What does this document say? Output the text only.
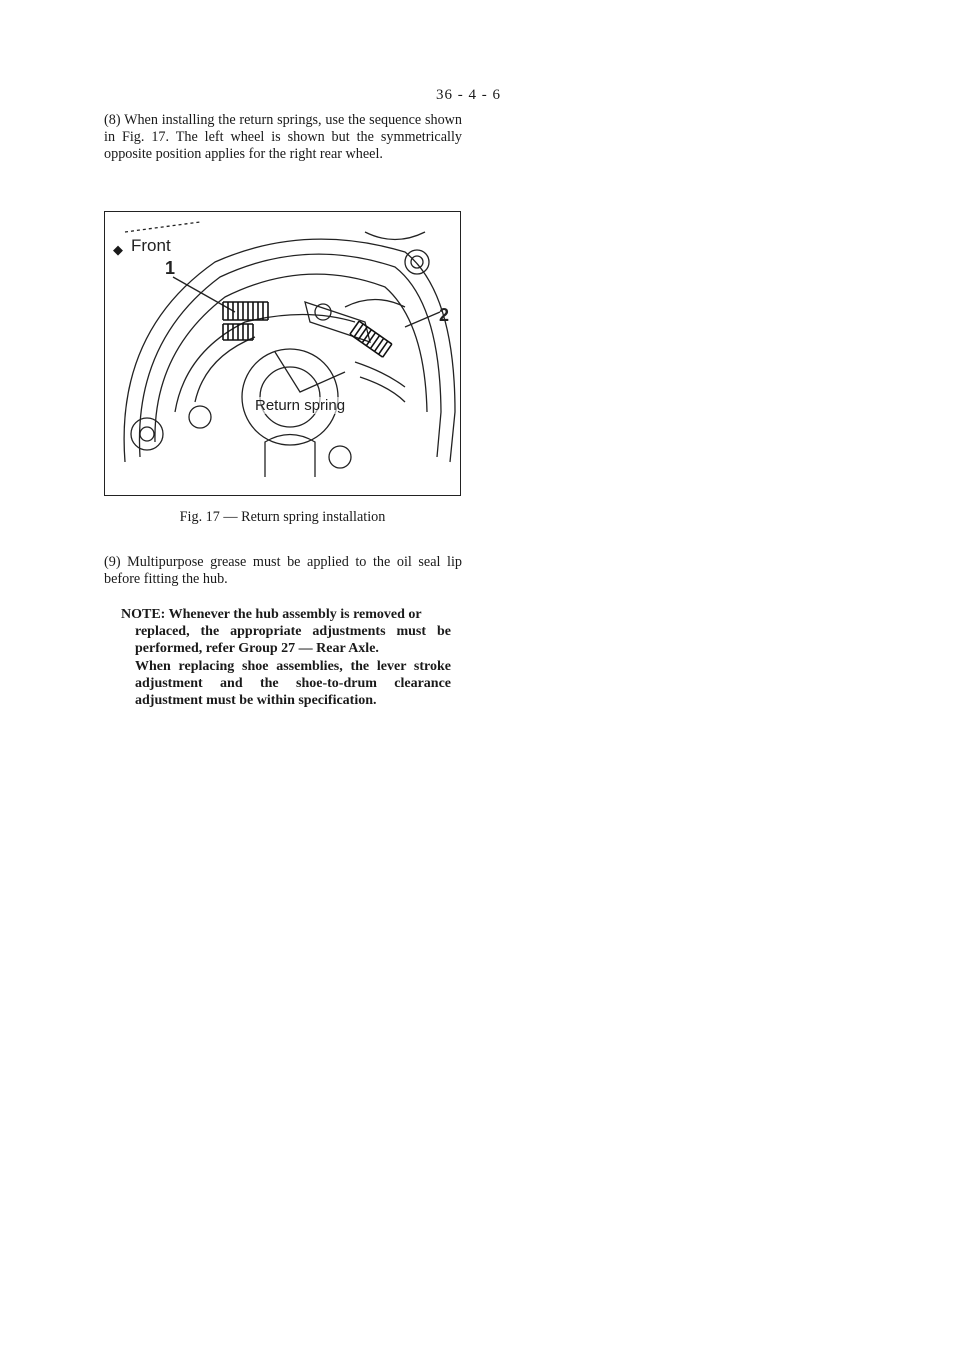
36 - 4 - 6

(8) When installing the return springs, use the sequence shown in Fig. 17. The left wheel is shown but the symmetrically opposite position applies for the right rear wheel.

◆ Front
1
2
Return spring
Fig. 17 — Return spring installation

(9) Multipurpose grease must be applied to the oil seal lip before fitting the hub.

NOTE: Whenever the hub assembly is removed or
replaced, the appropriate adjustments must be performed, refer Group 27 — Rear Axle.

When replacing shoe assemblies, the lever stroke adjustment and the shoe-to-drum clearance adjustment must be within specification.
